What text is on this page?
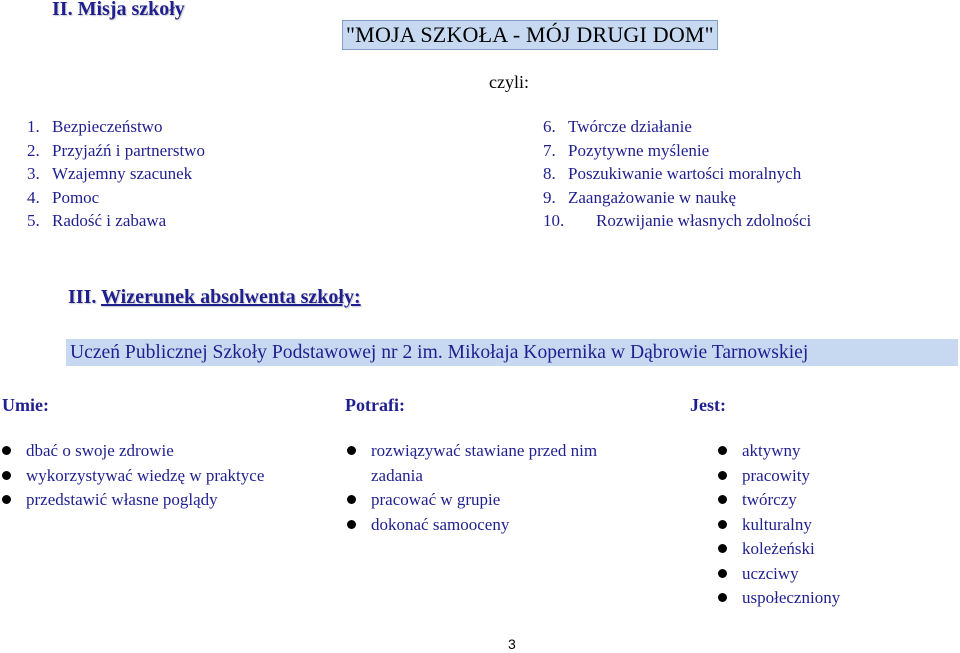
II. Misja szkoły
"MOJA SZKOŁA - MÓJ DRUGI DOM"
czyli:
1. Bezpieczeństwo
2. Przyjaźń i partnerstwo
3. Wzajemny szacunek
4. Pomoc
5. Radość i zabawa
6. Twórcze działanie
7. Pozytywne myślenie
8. Poszukiwanie wartości moralnych
9. Zaangażowanie w naukę
10. Rozwijanie własnych zdolności
III. Wizerunek absolwenta szkoły:
Uczeń Publicznej Szkoły Podstawowej nr 2 im. Mikołaja Kopernika w Dąbrowie Tarnowskiej
Umie:	Potrafi:	Jest:
dbać o swoje zdrowie
wykorzystywać wiedzę w praktyce
przedstawić własne poglądy
rozwiązywać stawiane przed nim
zadania
pracować w grupie
dokonać samooceny
aktywny
pracowity
twórczy
kulturalny
koleżeński
uczciwy
uspołeczniony
3
